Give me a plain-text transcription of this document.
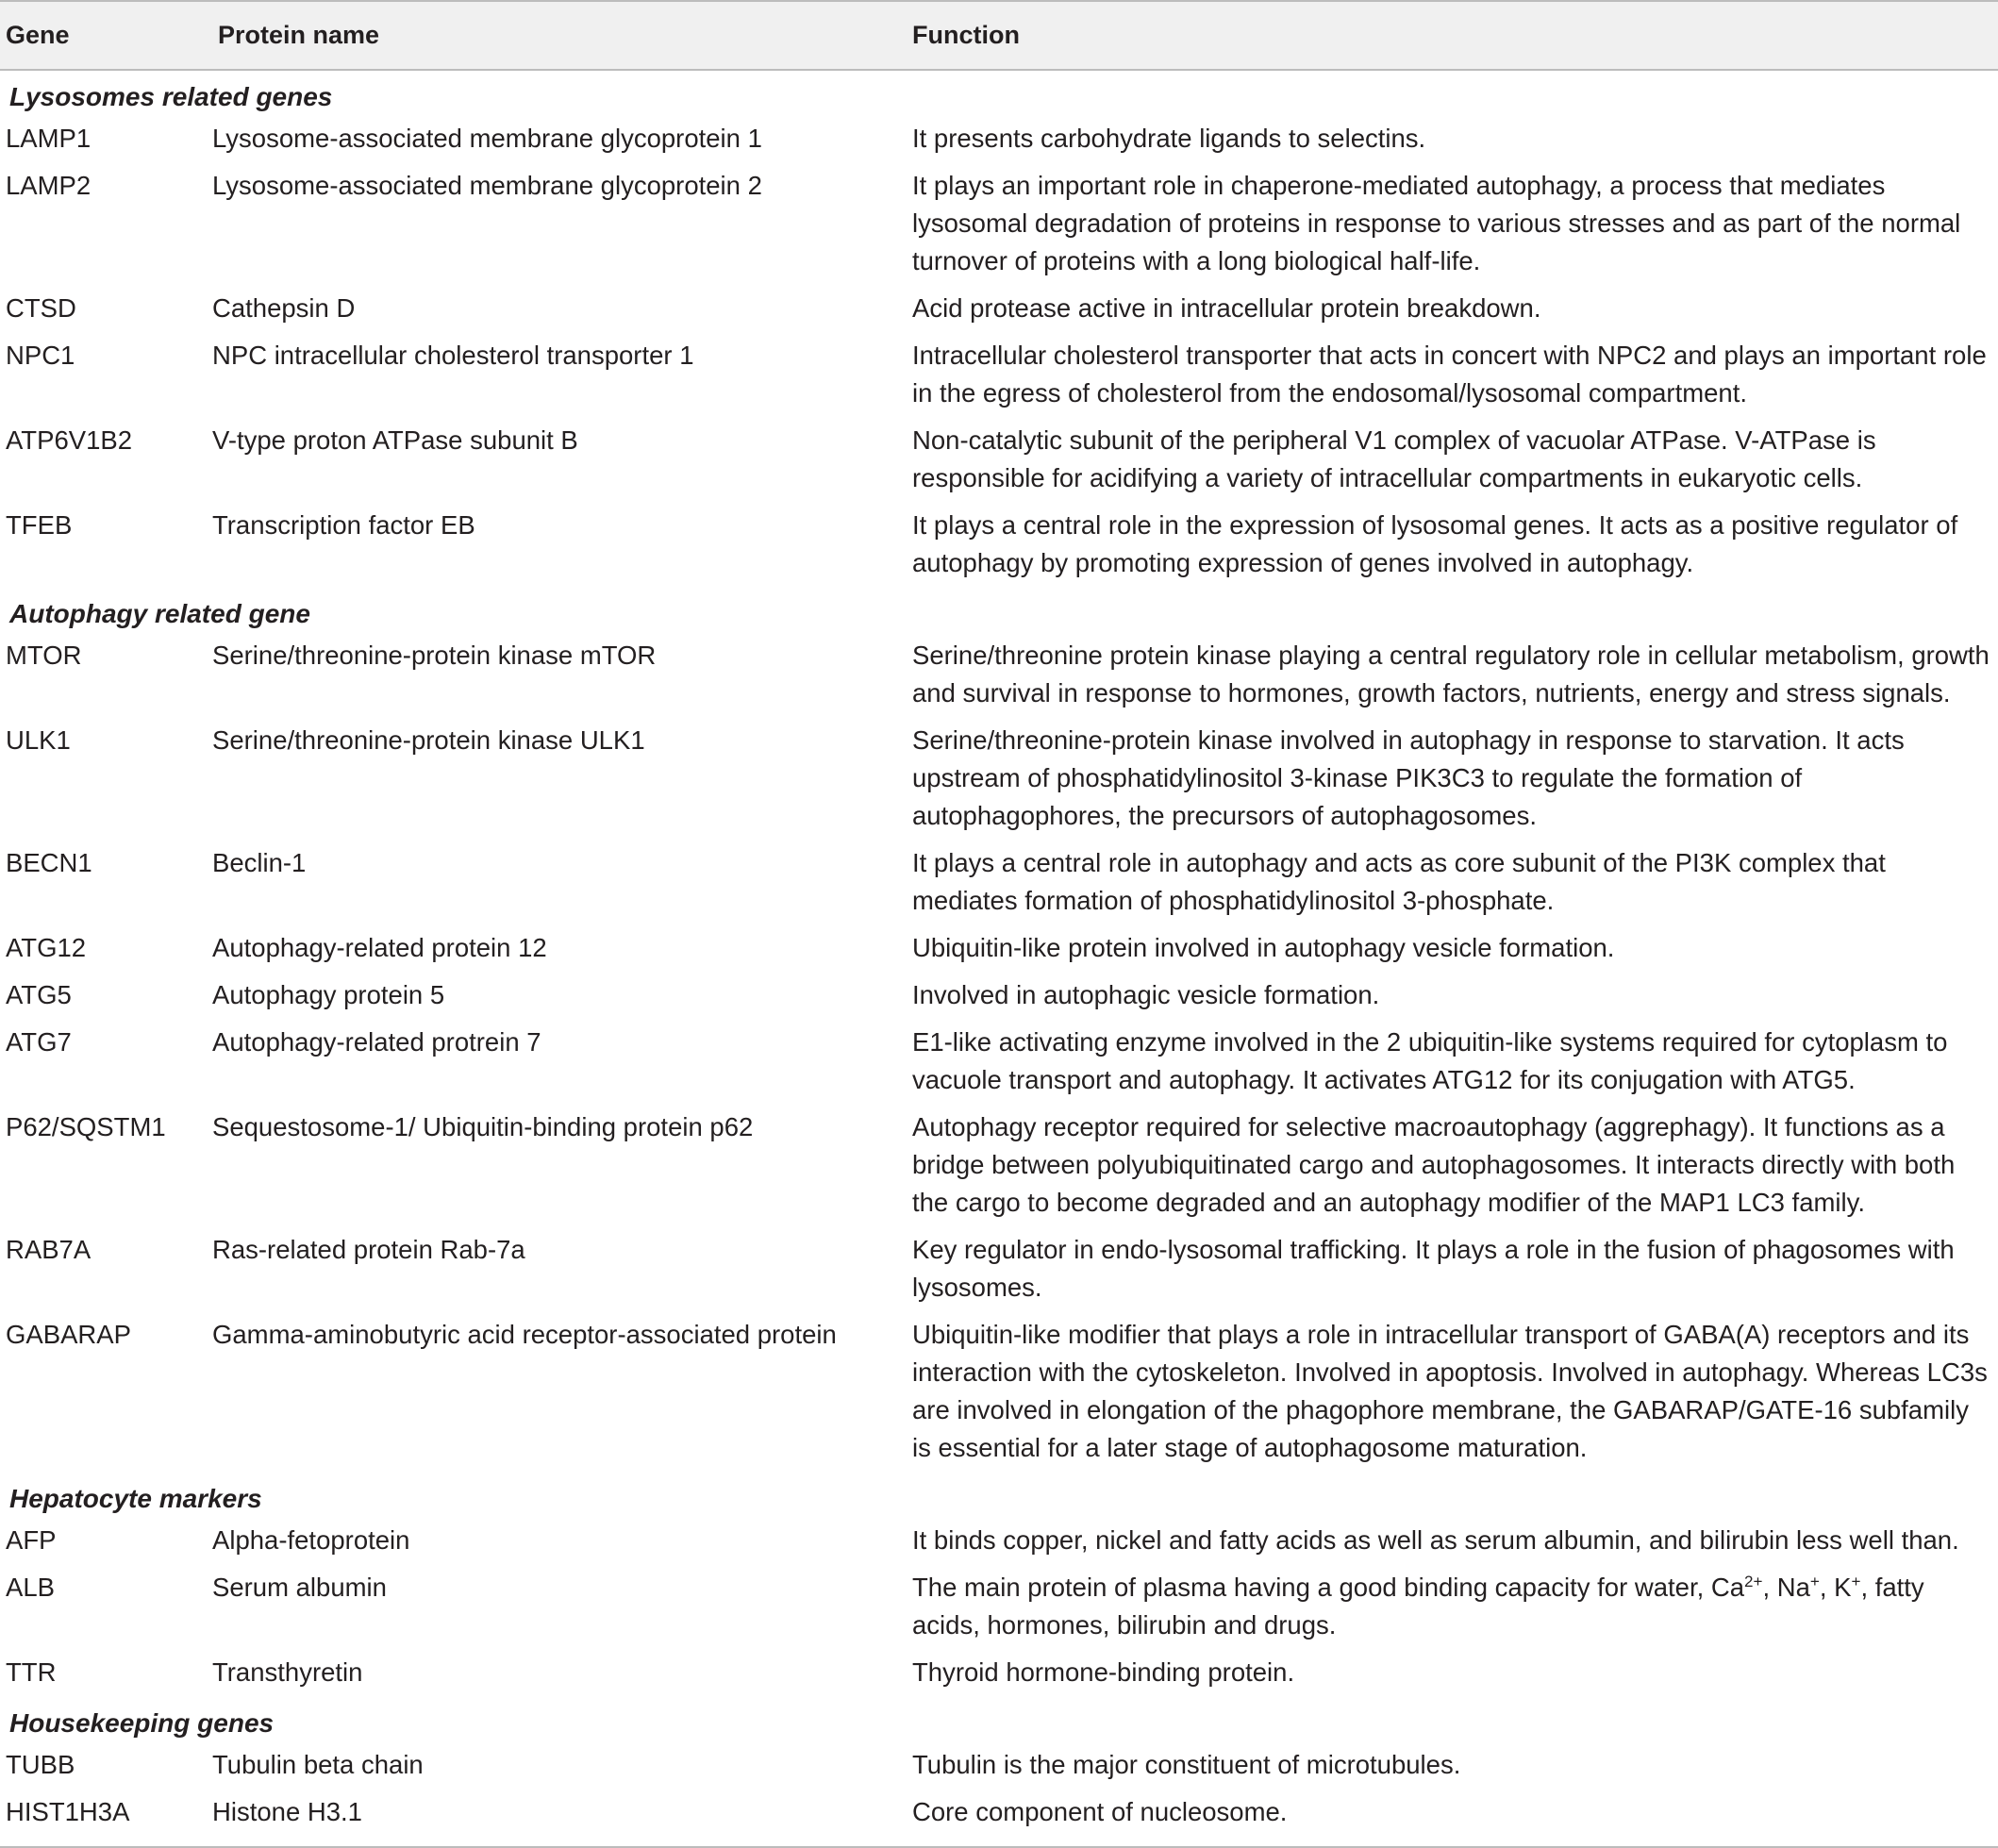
Gene	Protein name	Function
Lysosomes related genes		
LAMP1	Lysosome-associated membrane glycoprotein 1	It presents carbohydrate ligands to selectins.
LAMP2	Lysosome-associated membrane glycoprotein 2	It plays an important role in chaperone-mediated autophagy, a process that mediates lysosomal degradation of proteins in response to various stresses and as part of the normal turnover of proteins with a long biological half-life.
CTSD	Cathepsin D	Acid protease active in intracellular protein breakdown.
NPC1	NPC intracellular cholesterol transporter 1	Intracellular cholesterol transporter that acts in concert with NPC2 and plays an important role in the egress of cholesterol from the endosomal/lysosomal compartment.
ATP6V1B2	V-type proton ATPase subunit B	Non-catalytic subunit of the peripheral V1 complex of vacuolar ATPase. V-ATPase is responsible for acidifying a variety of intracellular compartments in eukaryotic cells.
TFEB	Transcription factor EB	It plays a central role in the expression of lysosomal genes. It acts as a positive regulator of autophagy by promoting expression of genes involved in autophagy.
Autophagy related gene		
MTOR	Serine/threonine-protein kinase mTOR	Serine/threonine protein kinase playing a central regulatory role in cellular metabolism, growth and survival in response to hormones, growth factors, nutrients, energy and stress signals.
ULK1	Serine/threonine-protein kinase ULK1	Serine/threonine-protein kinase involved in autophagy in response to starvation. It acts upstream of phosphatidylinositol 3-kinase PIK3C3 to regulate the formation of autophagophores, the precursors of autophagosomes.
BECN1	Beclin-1	It plays a central role in autophagy and acts as core subunit of the PI3K complex that mediates formation of phosphatidylinositol 3-phosphate.
ATG12	Autophagy-related protein 12	Ubiquitin-like protein involved in autophagy vesicle formation.
ATG5	Autophagy protein 5	Involved in autophagic vesicle formation.
ATG7	Autophagy-related protrein 7	E1-like activating enzyme involved in the 2 ubiquitin-like systems required for cytoplasm to vacuole transport and autophagy. It activates ATG12 for its conjugation with ATG5.
P62/SQSTM1	Sequestosome-1/ Ubiquitin-binding protein p62	Autophagy receptor required for selective macroautophagy (aggrephagy). It functions as a bridge between polyubiquitinated cargo and autophagosomes. It interacts directly with both the cargo to become degraded and an autophagy modifier of the MAP1 LC3 family.
RAB7A	Ras-related protein Rab-7a	Key regulator in endo-lysosomal trafficking. It plays a role in the fusion of phagosomes with lysosomes.
GABARAP	Gamma-aminobutyric acid receptor-associated protein	Ubiquitin-like modifier that plays a role in intracellular transport of GABA(A) receptors and its interaction with the cytoskeleton. Involved in apoptosis. Involved in autophagy. Whereas LC3s are involved in elongation of the phagophore membrane, the GABARAP/GATE-16 subfamily is essential for a later stage of autophagosome maturation.
Hepatocyte markers		
AFP	Alpha-fetoprotein	It binds copper, nickel and fatty acids as well as serum albumin, and bilirubin less well than.
ALB	Serum albumin	The main protein of plasma having a good binding capacity for water, $Ca^{2+}$, Na+, K+, fatty acids, hormones, bilirubin and drugs.
TTR	Transthyretin	Thyroid hormone-binding protein.
Housekeeping genes		
TUBB	Tubulin beta chain	Tubulin is the major constituent of microtubules.
HIST1H3A	Histone H3.1	Core component of nucleosome.
